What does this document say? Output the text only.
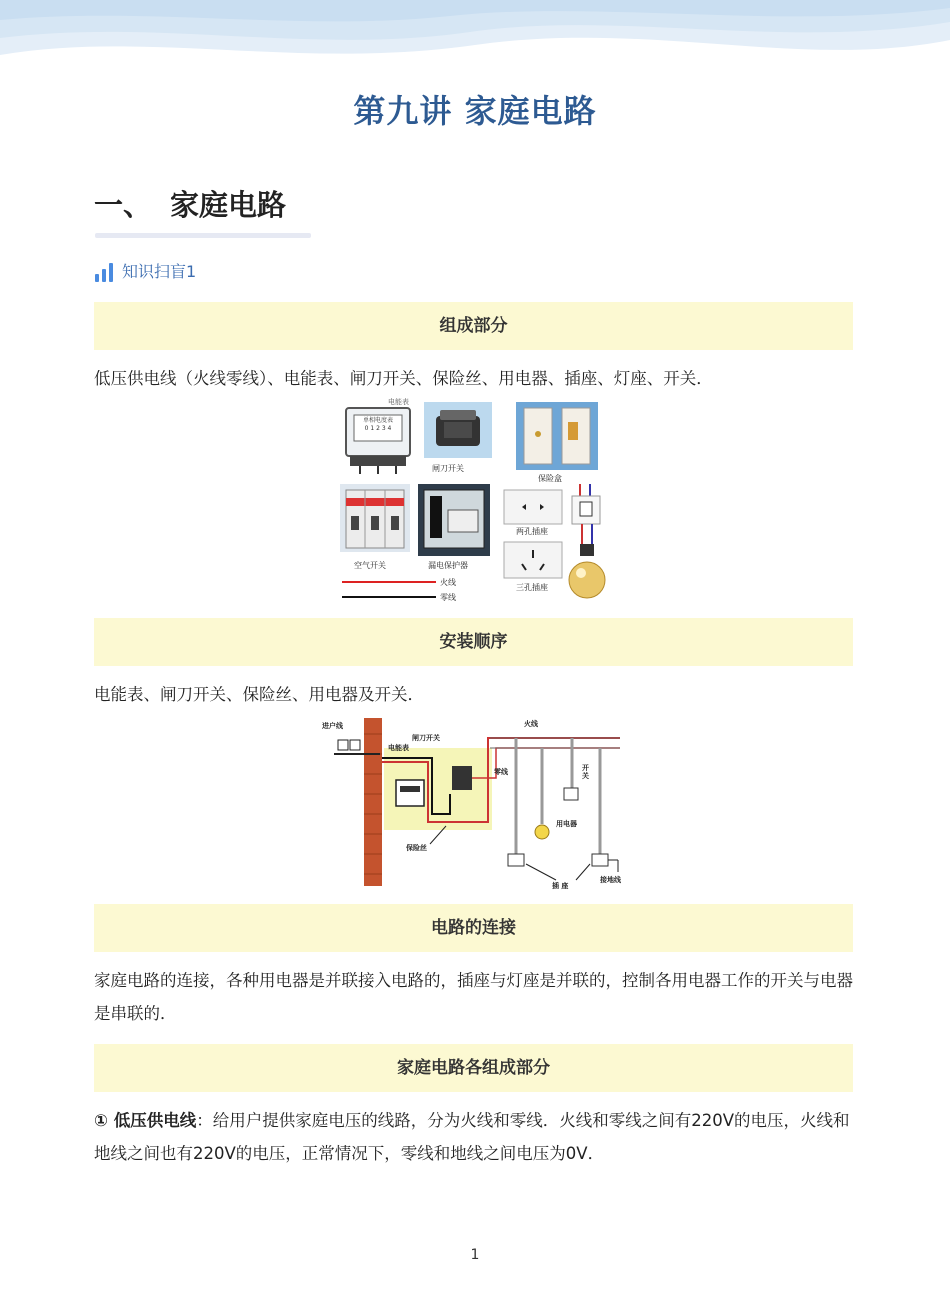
第九讲 家庭电路
一、 家庭电路
知识扫盲1
组成部分
低压供电线（火线零线）、电能表、闸刀开关、保险丝、用电器、插座、灯座、开关．
电能表
单相电度表
0 1 2 3 4
闸刀开关
保险盒
空气开关	漏电保护器
两孔插座
三孔插座
火线
零线
安装顺序
电能表、闸刀开关、保险丝、用电器及开关．
进户线
电能表
闸刀开关
保险丝
火线
零线	开
关
用电器
插 座
接地线
电路的连接
家庭电路的连接，各种用电器是并联接入电路的，插座与灯座是并联的，控制各用电器工作的开关与电器是串联的．
家庭电路各组成部分
① 低压供电线：给用户提供家庭电压的线路，分为火线和零线．火线和零线之间有220V的电压，火线和地线之间也有220V的电压，正常情况下，零线和地线之间电压为0V．
1
